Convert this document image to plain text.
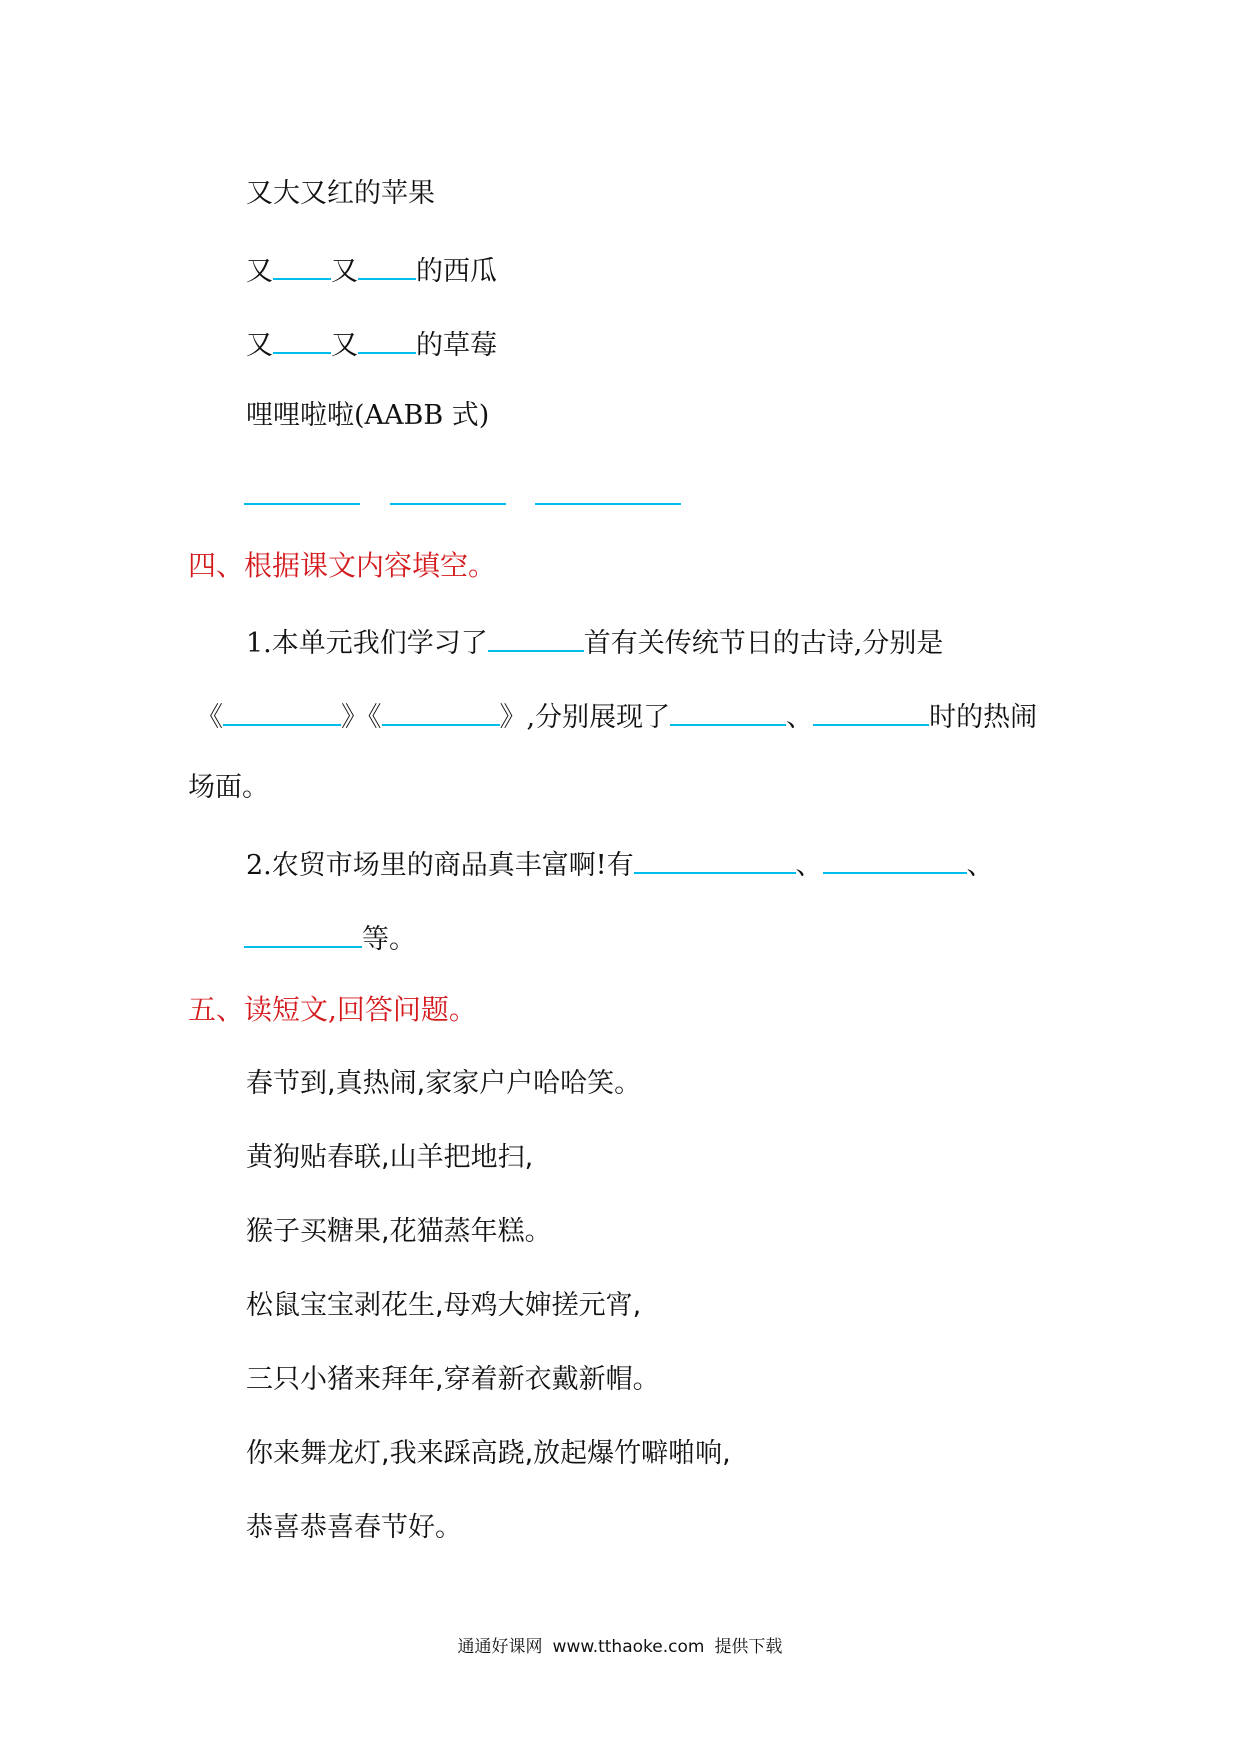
又大又红的苹果
又 又 的西瓜
又 又 的草莓
哩哩啦啦(AABB 式)
四、根据课文内容填空。
1.本单元我们学习了	首有关传统节日的古诗,分别是
《	》《	》,分别展现了	、	时的热闹
场面。
2.农贸市场里的商品真丰富啊!有	、	、
等。
五、读短文,回答问题。
春节到,真热闹,家家户户哈哈笑。
黄狗贴春联,山羊把地扫,
猴子买糖果,花猫蒸年糕。
松鼠宝宝剥花生,母鸡大婶搓元宵,
三只小猪来拜年,穿着新衣戴新帽。
你来舞龙灯,我来踩高跷,放起爆竹噼啪响,
恭喜恭喜春节好。
通通好课网 www.tthaoke.com 提供下载
